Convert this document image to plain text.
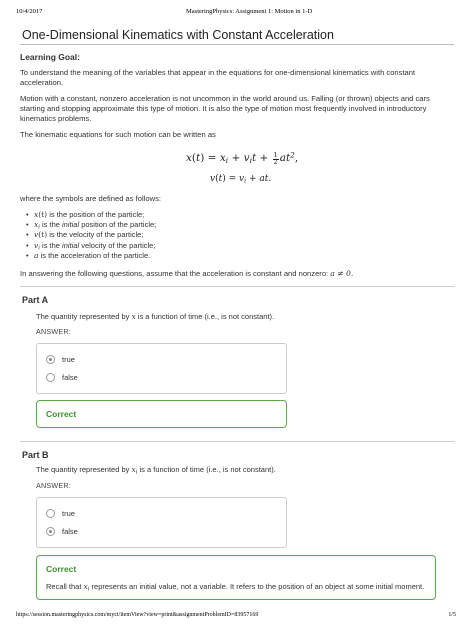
10/4/2017	MasteringPhysics: Assignment 1: Motion in 1-D
One-Dimensional Kinematics with Constant Acceleration
Learning Goal:
To understand the meaning of the variables that appear in the equations for one-dimensional kinematics with constant acceleration.
Motion with a constant, nonzero acceleration is not uncommon in the world around us. Falling (or thrown) objects and cars starting and stopping approximate this type of motion. It is also the type of motion most frequently involved in introductory kinematics problems.
The kinematic equations for such motion can be written as
$x(t) = x_i + v_it + \frac{1}{2} at^2$,
$v(t) = v_i$ + at.
where the symbols are defined as follows:
• x(t) is the position of the particle;
• $x_i$ is the initial position of the particle;
• v(t) is the velocity of the particle;
• $v_i$ is the initial velocity of the particle;
• a is the acceleration of the particle.
In answering the following questions, assume that the acceleration is constant and nonzero: a ≠ 0.
Part A
The quantity represented by x is a function of time (i.e., is not constant).
ANSWER:
true
false
Correct
Part B
The quantity represented by $x_i$ is a function of time (i.e., is not constant).
ANSWER:
true
false
Correct
Recall that $x_i$ represents an initial value, not a variable. It refers to the position of an object at some initial moment.
https://session.masteringphysics.com/myct/itemView?view=print&assignmentProblemID=83957169	1/5
